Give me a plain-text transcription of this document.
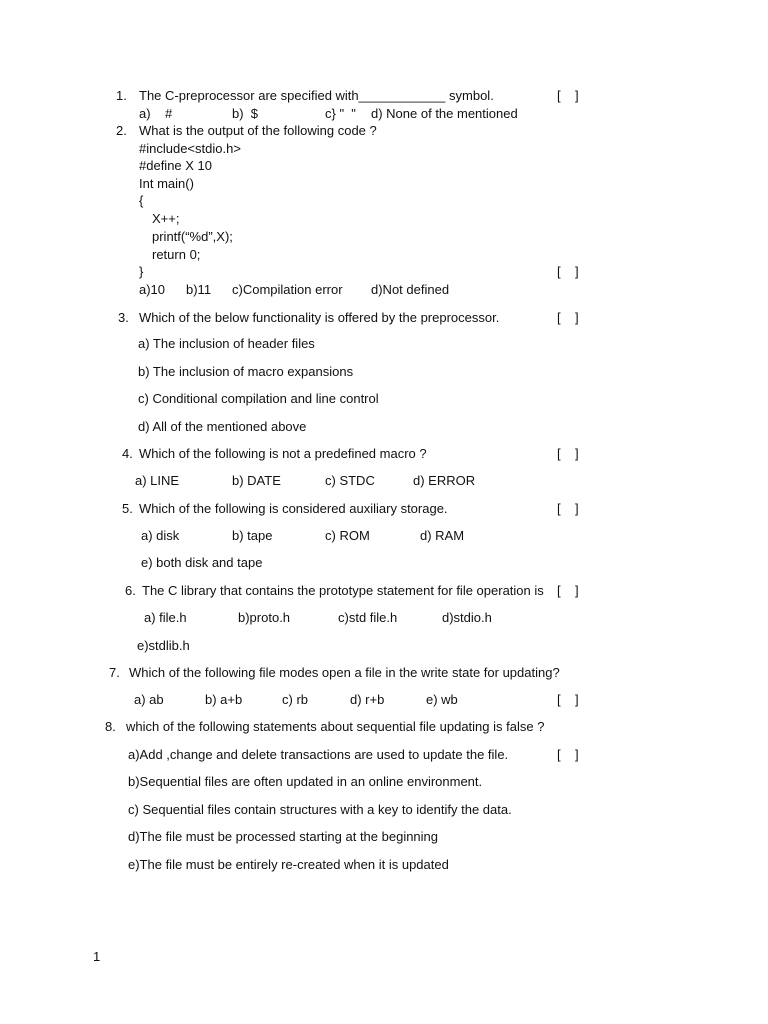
1. The C-preprocessor are specified with____________ symbol.	[    ]
a)    #	b)  $	c} "  " d) None of the mentioned
2. What is the output of the following code ?
#include<stdio.h>
#define X 10
Int main()
{
X++;
printf(“%d”,X);
return 0;
}	[    ]
a)10 b)11 c)Compilation error d)Not defined
3. Which of the below functionality is offered by the preprocessor.	[    ]
a) The inclusion of header files
b) The inclusion of macro expansions
c) Conditional compilation and line control
d) All of the mentioned above
4. Which of the following is not a predefined macro ?	[    ]
a) LINE	b) DATE	c) STDC	d) ERROR
5. Which of the following is considered auxiliary storage.	[    ]
a) disk	b) tape	c) ROM	d) RAM
e) both disk and tape
6. The C library that contains the prototype statement for file operation is [    ]
a) file.h	b)proto.h	c)std file.h	d)stdio.h
e)stdlib.h
7. Which of the following file modes open a file in the write state for updating?
a) ab	b) a+b	c) rb	d) r+b	e) wb	[    ]
8. which of the following statements about sequential file updating is false ?
a)Add ,change and delete transactions are used to update the file.	[    ]
b)Sequential files are often updated in an online environment.
c) Sequential files contain structures with a key to identify the data.
d)The file must be processed starting at the beginning
e)The file must be entirely re-created when it is updated
1
